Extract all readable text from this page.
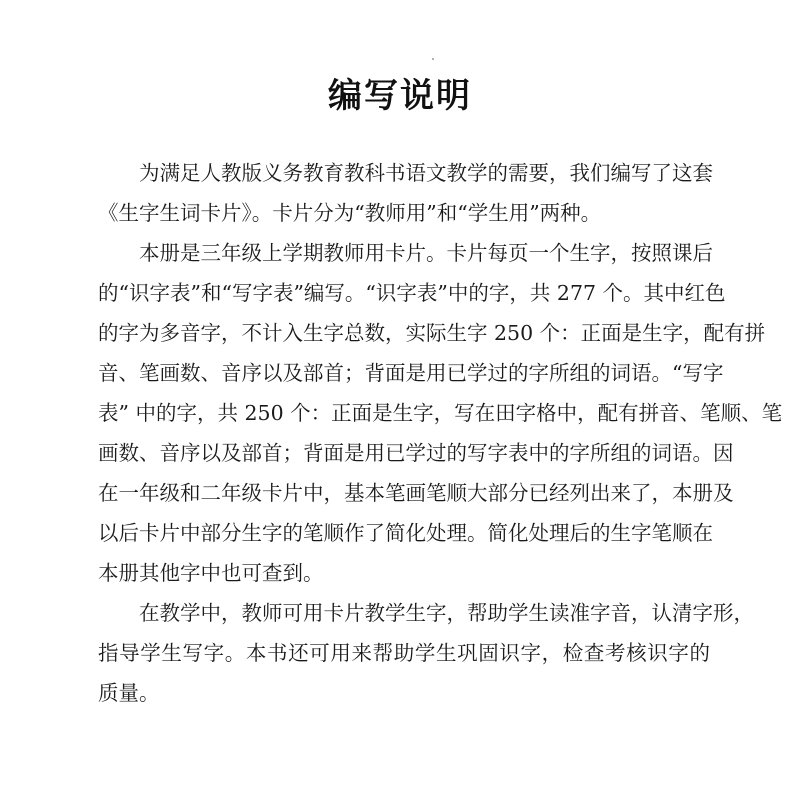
编写说明
为满足人教版义务教育教科书语文教学的需要，我们编写了这套
《生字生词卡片》。卡片分为“教师用”和“学生用”两种。
本册是三年级上学期教师用卡片。卡片每页一个生字，按照课后
的“识字表”和“写字表”编写。“识字表”中的字，共 277 个。其中红色
的字为多音字，不计入生字总数，实际生字 250 个：正面是生字，配有拼
音、笔画数、音序以及部首；背面是用已学过的字所组的词语。“写字
表” 中的字，共 250 个：正面是生字，写在田字格中，配有拼音、笔顺、笔
画数、音序以及部首；背面是用已学过的写字表中的字所组的词语。因
在一年级和二年级卡片中，基本笔画笔顺大部分已经列出来了，本册及
以后卡片中部分生字的笔顺作了简化处理。简化处理后的生字笔顺在
本册其他字中也可查到。
在教学中，教师可用卡片教学生字，帮助学生读准字音，认清字形，
指导学生写字。本书还可用来帮助学生巩固识字，检查考核识字的
质量。
